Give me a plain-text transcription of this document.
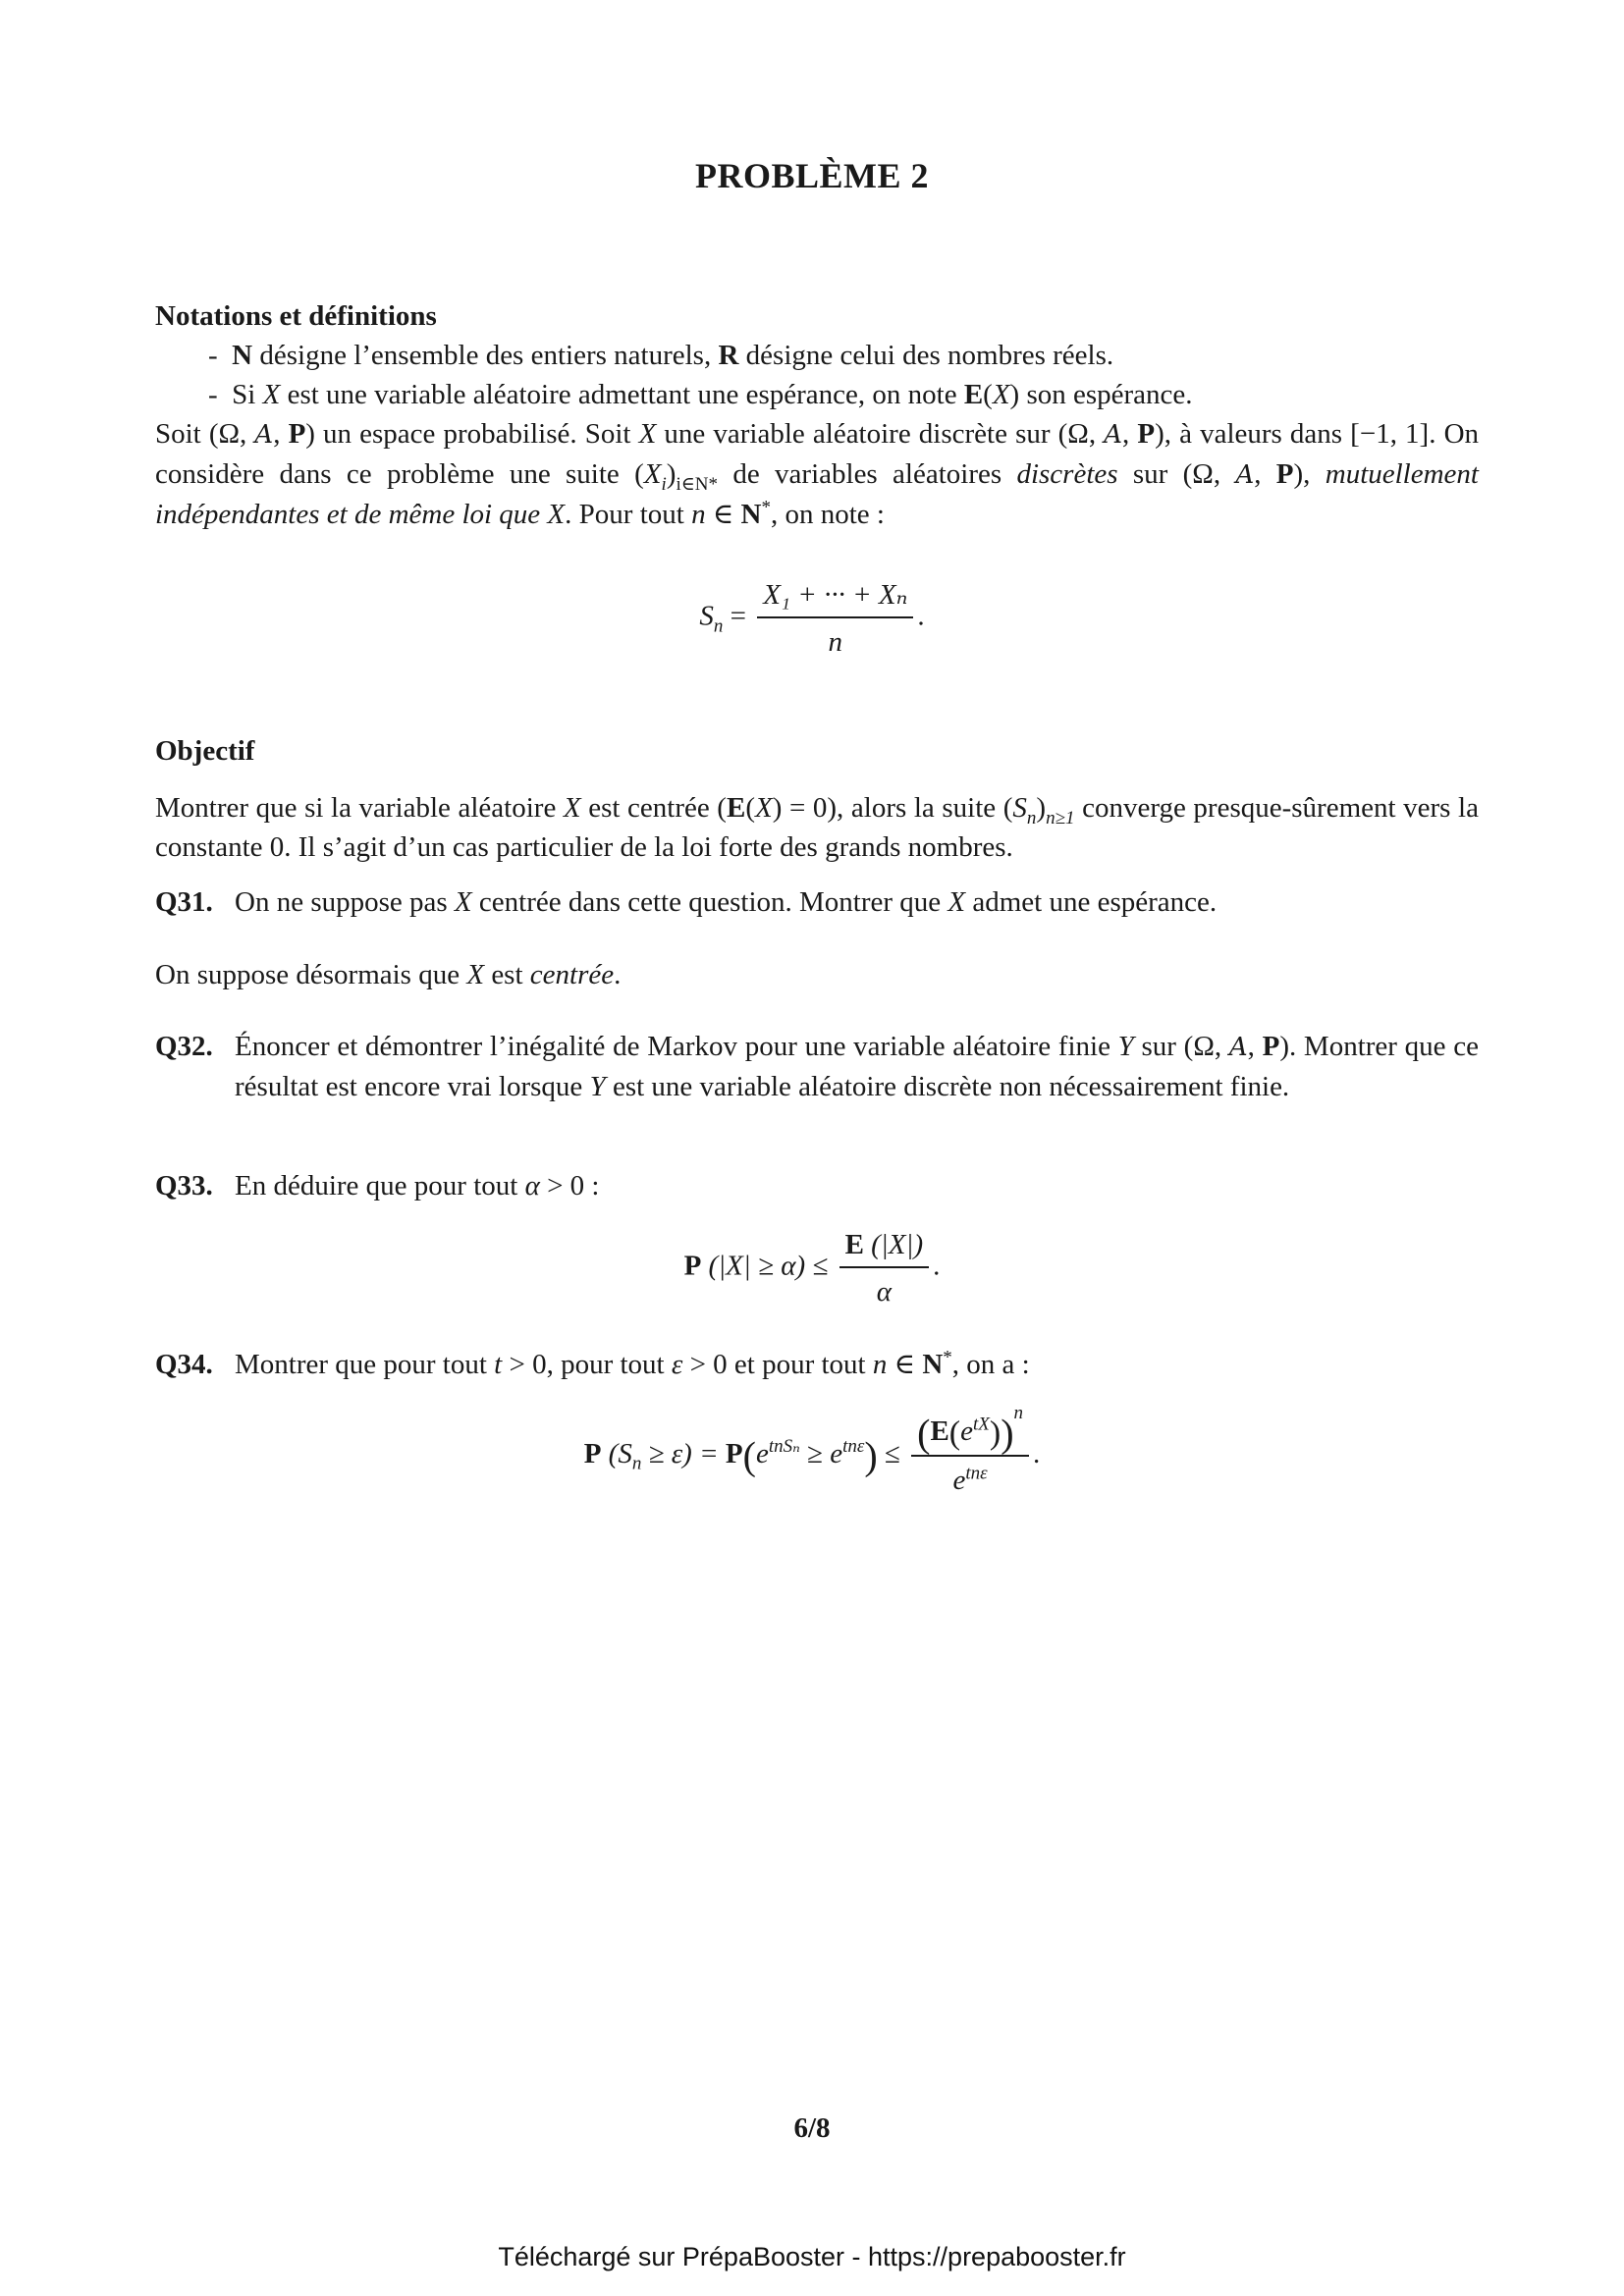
PROBLÈME 2
Notations et définitions
- N désigne l’ensemble des entiers naturels, R désigne celui des nombres réels.
- Si X est une variable aléatoire admettant une espérance, on note E(X) son espérance.
Soit (Ω, A, P) un espace probabilisé. Soit X une variable aléatoire discrète sur (Ω, A, P), à valeurs dans [−1, 1]. On considère dans ce problème une suite $(X_i)_{i\in N*}$ de variables aléatoires discrètes sur (Ω, A, P), mutuellement indépendantes et de même loi que X. Pour tout n ∈ N*, on note :
$S_n = \frac{\text{X₁ + ··· + Xₙ}}{n}$ .
Objectif
Montrer que si la variable aléatoire X est centrée (E(X) = 0), alors la suite $(S_n)_{n\ge 1}$ converge presque-sûrement vers la constante 0. Il s’agit d’un cas particulier de la loi forte des grands nombres.
Q31. On ne suppose pas X centrée dans cette question. Montrer que X admet une espérance.
On suppose désormais que X est centrée.
Q32. Énoncer et démontrer l’inégalité de Markov pour une variable aléatoire finie Y sur (Ω, A, P). Montrer que ce résultat est encore vrai lorsque Y est une variable aléatoire discrète non nécessairement finie.
Q33. En déduire que pour tout α > 0 :
P $(|X| \ge \alpha) \le \frac{E (|X|)}{\alpha}$ .
Q34. Montrer que pour tout t > 0, pour tout ε > 0 et pour tout n ∈ N*, on a :
P $(S_n \ge \varepsilon) = P(e^{tnS_n} \ge e^{tn\varepsilon}) \le \frac{(E(e^{tX}))^n}{e^{tn\varepsilon}}$ .
6/8
Téléchargé sur PrépaBooster - https://prepabooster.fr
